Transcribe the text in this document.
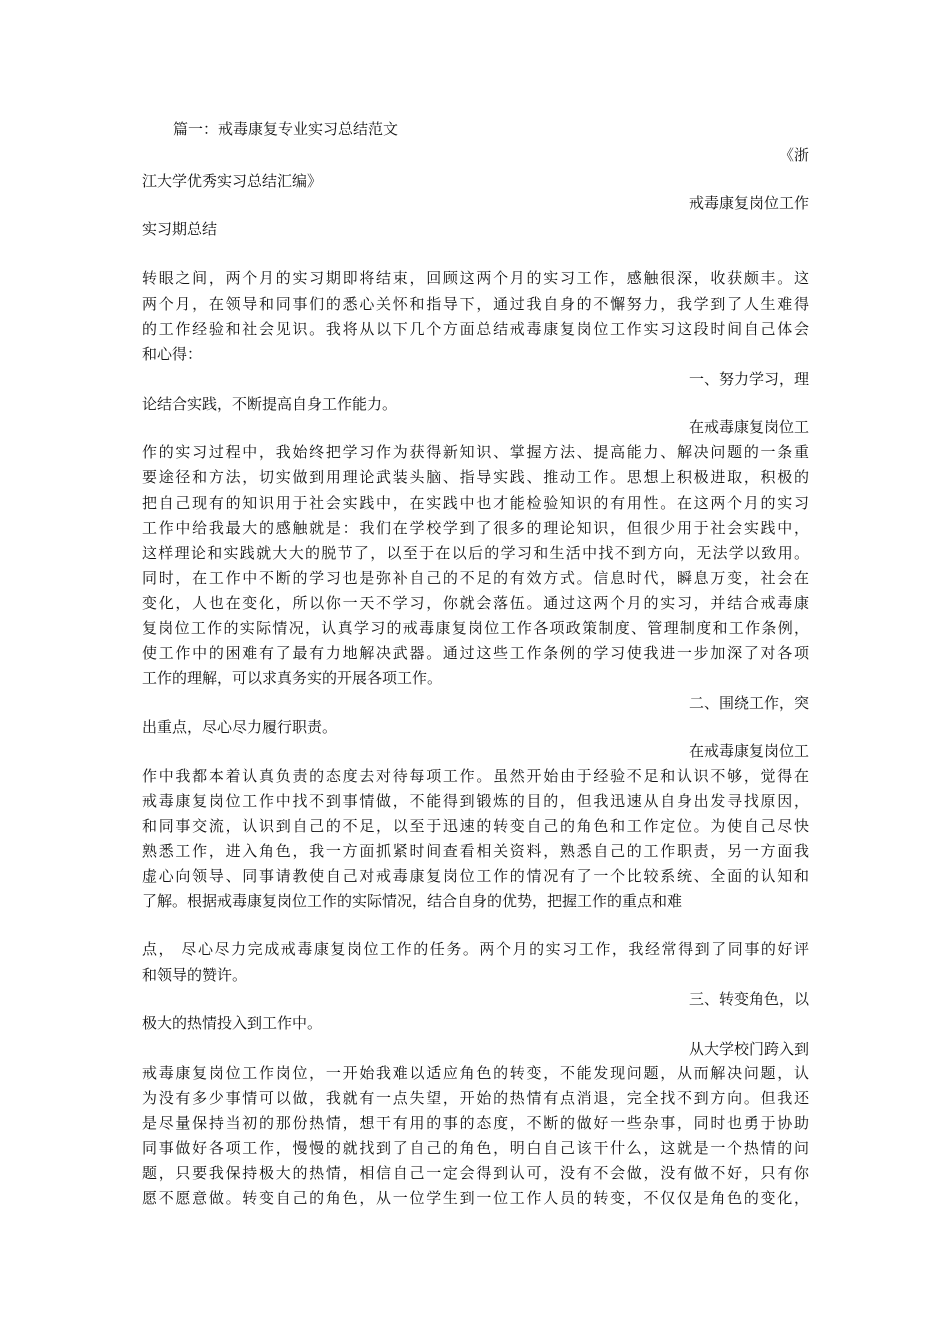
篇一：戒毒康复专业实习总结范文
《浙
江大学优秀实习总结汇编》
戒毒康复岗位工作
实习期总结
转眼之间，两个月的实习期即将结束，回顾这两个月的实习工作，感触很深，收获颇丰。这
两个月，在领导和同事们的悉心关怀和指导下，通过我自身的不懈努力，我学到了人生难得
的工作经验和社会见识。我将从以下几个方面总结戒毒康复岗位工作实习这段时间自己体会
和心得：
一、努力学习，理
论结合实践，不断提高自身工作能力。
在戒毒康复岗位工
作的实习过程中，我始终把学习作为获得新知识、掌握方法、提高能力、解决问题的一条重
要途径和方法，切实做到用理论武装头脑、指导实践、推动工作。思想上积极进取，积极的
把自己现有的知识用于社会实践中，在实践中也才能检验知识的有用性。在这两个月的实习
工作中给我最大的感触就是：我们在学校学到了很多的理论知识，但很少用于社会实践中，
这样理论和实践就大大的脱节了，以至于在以后的学习和生活中找不到方向，无法学以致用。
同时，在工作中不断的学习也是弥补自己的不足的有效方式。信息时代，瞬息万变，社会在
变化，人也在变化，所以你一天不学习，你就会落伍。通过这两个月的实习，并结合戒毒康
复岗位工作的实际情况，认真学习的戒毒康复岗位工作各项政策制度、管理制度和工作条例，
使工作中的困难有了最有力地解决武器。通过这些工作条例的学习使我进一步加深了对各项
工作的理解，可以求真务实的开展各项工作。
二、围绕工作，突
出重点，尽心尽力履行职责。
在戒毒康复岗位工
作中我都本着认真负责的态度去对待每项工作。虽然开始由于经验不足和认识不够，觉得在
戒毒康复岗位工作中找不到事情做，不能得到锻炼的目的，但我迅速从自身出发寻找原因，
和同事交流，认识到自己的不足，以至于迅速的转变自己的角色和工作定位。为使自己尽快
熟悉工作，进入角色，我一方面抓紧时间查看相关资料，熟悉自己的工作职责，另一方面我
虚心向领导、同事请教使自己对戒毒康复岗位工作的情况有了一个比较系统、全面的认知和
了解。根据戒毒康复岗位工作的实际情况，结合自身的优势，把握工作的重点和难
点， 尽心尽力完成戒毒康复岗位工作的任务。两个月的实习工作，我经常得到了同事的好评
和领导的赞许。
三、转变角色，以
极大的热情投入到工作中。
从大学校门跨入到
戒毒康复岗位工作岗位，一开始我难以适应角色的转变，不能发现问题，从而解决问题，认
为没有多少事情可以做，我就有一点失望，开始的热情有点消退，完全找不到方向。但我还
是尽量保持当初的那份热情，想干有用的事的态度，不断的做好一些杂事，同时也勇于协助
同事做好各项工作，慢慢的就找到了自己的角色，明白自己该干什么，这就是一个热情的问
题，只要我保持极大的热情，相信自己一定会得到认可，没有不会做，没有做不好，只有你
愿不愿意做。转变自己的角色，从一位学生到一位工作人员的转变，不仅仅是角色的变化，
